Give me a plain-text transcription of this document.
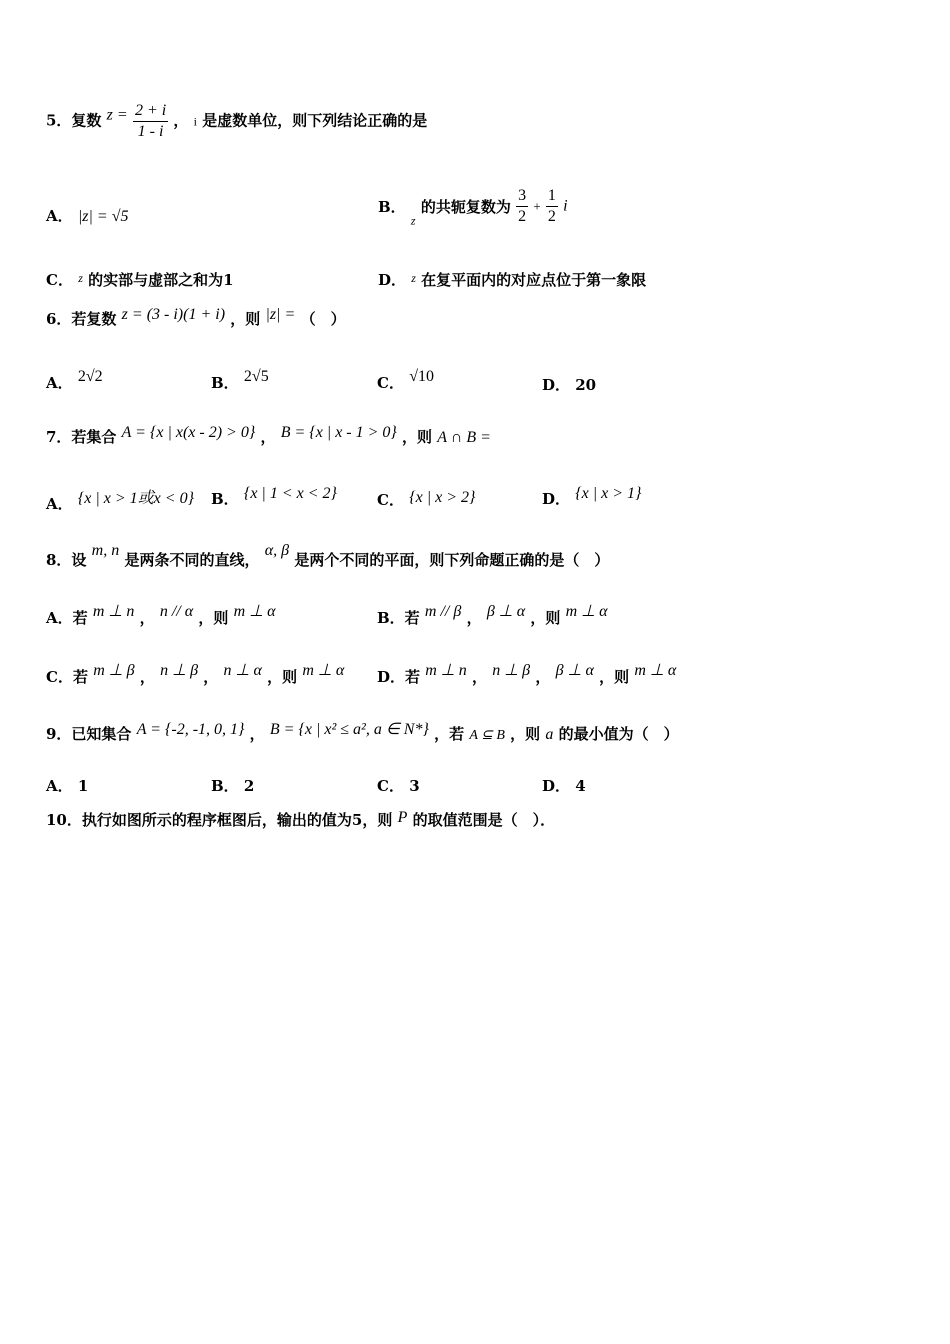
5．复数 $z = \frac{2 + i}{1 - i}$ ， i 是虚数单位，则下列结论正确的是
A． |z| = √5
B． $_z$ 的共轭复数为 $\frac{3}{2} + \frac{1}{2}$ i
C． $^z$ 的实部与虚部之和为1	D． $^z$ 在复平面内的对应点位于第一象限
6．若复数 z = (3 - i)(1 + i) ，则 |z| = （　）
A． 2√2	B． 2√5	C． √10	D． 20
7．若集合 A = {x | x(x - 2) > 0} ， B = {x | x - 1 > 0} ，则 A ∩ B =
A． {x | x > 1或x < 0} B． {x | 1 < x < 2}	C． {x | x > 2}	D． {x | x > 1}
8．设 m, n 是两条不同的直线， α, β 是两个不同的平面，则下列命题正确的是（　）
A．若 m ⊥ n ， n // α ，则 m ⊥ α	B．若 m // β ， β ⊥ α ，则 m ⊥ α
C．若 m ⊥ β ， n ⊥ β ， n ⊥ α ，则 m ⊥ α D．若 m ⊥ n ， n ⊥ β ， β ⊥ α ，则 m ⊥ α
9．已知集合 A = {-2, -1, 0, 1} ， B = {x | x² ≤ a², a ∈ N*} ，若 A ⊆ B ，则 a 的最小值为（　）
A． 1	B． 2	C． 3	D． 4
10．执行如图所示的程序框图后，输出的值为5，则 P 的取值范围是（　）．
